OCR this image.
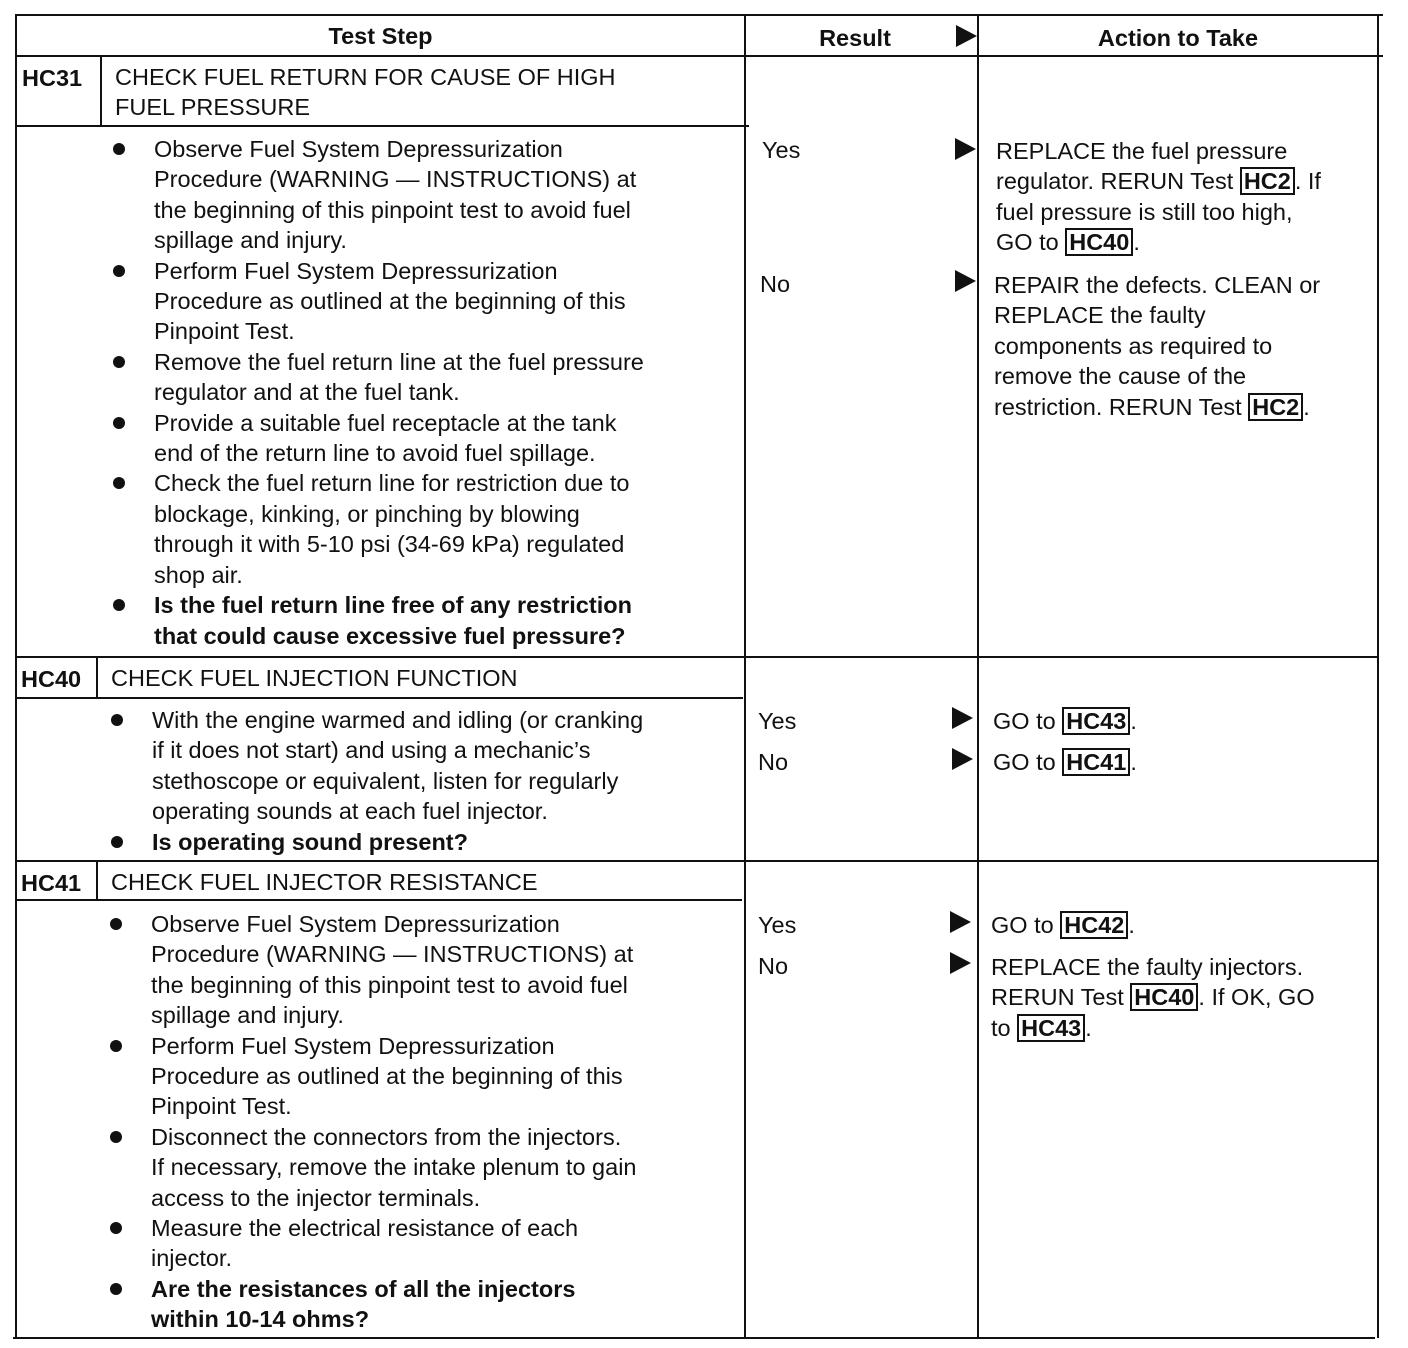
Test Step	Result	Action to Take
HC31 CHECK FUEL RETURN FOR CAUSE OF HIGH
FUEL PRESSURE
Observe Fuel System Depressurization
Procedure (WARNING — INSTRUCTIONS) at
the beginning of this pinpoint test to avoid fuel
spillage and injury.
Perform Fuel System Depressurization
Procedure as outlined at the beginning of this
Pinpoint Test.
Remove the fuel return line at the fuel pressure
regulator and at the fuel tank.
Provide a suitable fuel receptacle at the tank
end of the return line to avoid fuel spillage.
Check the fuel return line for restriction due to
blockage, kinking, or pinching by blowing
through it with 5-10 psi (34-69 kPa) regulated
shop air.
Is the fuel return line free of any restriction
that could cause excessive fuel pressure?
Yes	REPLACE the fuel pressure
regulator. RERUN Test HC2 . If
fuel pressure is still too high,
GO to HC40 .
No	REPAIR the defects. CLEAN or
REPLACE the faulty
components as required to
remove the cause of the
restriction. RERUN Test HC2 .
HC40 CHECK FUEL INJECTION FUNCTION
With the engine warmed and idling (or cranking
if it does not start) and using a mechanic’s
stethoscope or equivalent, listen for regularly
operating sounds at each fuel injector.
Is operating sound present?
Yes	GO to HC43 .
No	GO to HC41 .
HC41 CHECK FUEL INJECTOR RESISTANCE
Observe Fuel System Depressurization
Procedure (WARNING — INSTRUCTIONS) at
the beginning of this pinpoint test to avoid fuel
spillage and injury.
Perform Fuel System Depressurization
Procedure as outlined at the beginning of this
Pinpoint Test.
Disconnect the connectors from the injectors.
If necessary, remove the intake plenum to gain
access to the injector terminals.
Measure the electrical resistance of each
injector.
Are the resistances of all the injectors
within 10-14 ohms?
Yes	GO to HC42 .
No	REPLACE the faulty injectors.
RERUN Test HC40 . If OK, GO
to HC43 .
